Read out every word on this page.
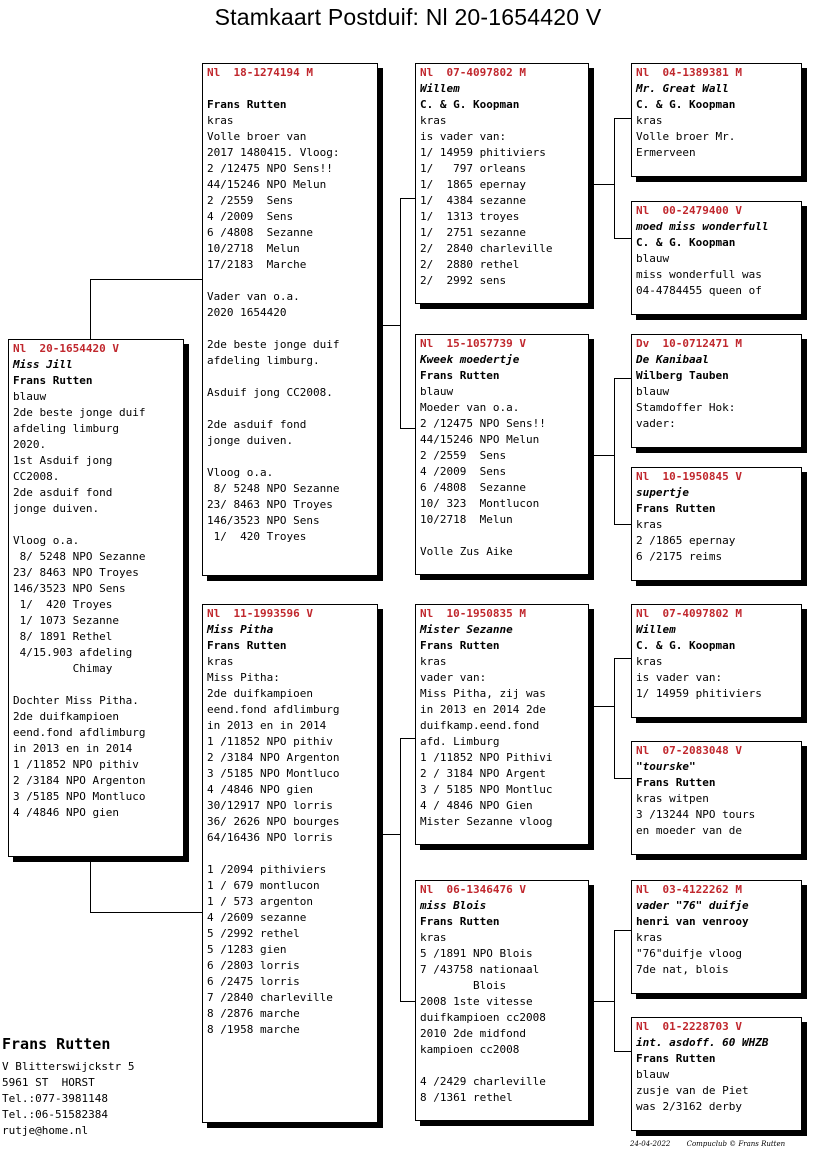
Stamkaart Postduif: Nl 20-1654420 V
Nl  20-1654420 V
Miss Jill
Frans Rutten
blauw
2de beste jonge duif
afdeling limburg
2020.
1st Asduif jong
CC2008.
2de asduif fond
jonge duiven.
Vloog o.a.
8/ 5248 NPO Sezanne
23/ 8463 NPO Troyes
146/3523 NPO Sens
1/  420 Troyes
1/ 1073 Sezanne
8/ 1891 Rethel
4/15.903 afdeling
Chimay
Dochter Miss Pitha.
2de duifkampioen
eend.fond afdlimburg
in 2013 en in 2014
1 /11852 NPO pithiv
2 /3184 NPO Argenton
3 /5185 NPO Montluco
4 /4846 NPO gien
Nl  18-1274194 M
Frans Rutten
kras
Volle broer van
2017 1480415. Vloog:
2 /12475 NPO Sens!!
44/15246 NPO Melun
2 /2559  Sens
4 /2009  Sens
6 /4808  Sezanne
10/2718  Melun
17/2183  Marche
Vader van o.a.
2020 1654420
2de beste jonge duif
afdeling limburg.
Asduif jong CC2008.
2de asduif fond
jonge duiven.
Vloog o.a.
8/ 5248 NPO Sezanne
23/ 8463 NPO Troyes
146/3523 NPO Sens
1/  420 Troyes
Nl  11-1993596 V
Miss Pitha
Frans Rutten
kras
Miss Pitha:
2de duifkampioen
eend.fond afdlimburg
in 2013 en in 2014
1 /11852 NPO pithiv
2 /3184 NPO Argenton
3 /5185 NPO Montluco
4 /4846 NPO gien
30/12917 NPO lorris
36/ 2626 NPO bourges
64/16436 NPO lorris
1 /2094 pithiviers
1 / 679 montlucon
1 / 573 argenton
4 /2609 sezanne
5 /2992 rethel
5 /1283 gien
6 /2803 lorris
6 /2475 lorris
7 /2840 charleville
8 /2876 marche
8 /1958 marche
Nl  07-4097802 M
Willem
C. & G. Koopman
kras
is vader van:
1/ 14959 phitiviers
1/   797 orleans
1/  1865 epernay
1/  4384 sezanne
1/  1313 troyes
1/  2751 sezanne
2/  2840 charleville
2/  2880 rethel
2/  2992 sens
Nl  15-1057739 V
Kweek moedertje
Frans Rutten
blauw
Moeder van o.a.
2 /12475 NPO Sens!!
44/15246 NPO Melun
2 /2559  Sens
4 /2009  Sens
6 /4808  Sezanne
10/ 323  Montlucon
10/2718  Melun
Volle Zus Aike
Nl  10-1950835 M
Mister Sezanne
Frans Rutten
kras
vader van:
Miss Pitha, zij was
in 2013 en 2014 2de
duifkamp.eend.fond
afd. Limburg
1 /11852 NPO Pithivi
2 / 3184 NPO Argent
3 / 5185 NPO Montluc
4 / 4846 NPO Gien
Mister Sezanne vloog
Nl  06-1346476 V
miss Blois
Frans Rutten
kras
5 /1891 NPO Blois
7 /43758 nationaal
Blois
2008 1ste vitesse
duifkampioen cc2008
2010 2de midfond
kampioen cc2008
4 /2429 charleville
8 /1361 rethel
Nl  04-1389381 M
Mr. Great Wall
C. & G. Koopman
kras
Volle broer Mr.
Ermerveen
Nl  00-2479400 V
moed miss wonderfull
C. & G. Koopman
blauw
miss wonderfull was
04-4784455 queen of
Dv  10-0712471 M
De Kanibaal
Wilberg Tauben
blauw
Stamdoffer Hok:
vader:
Nl  10-1950845 V
supertje
Frans Rutten
kras
2 /1865 epernay
6 /2175 reims
Nl  07-4097802 M
Willem
C. & G. Koopman
kras
is vader van:
1/ 14959 phitiviers
Nl  07-2083048 V
"tourske"
Frans Rutten
kras witpen
3 /13244 NPO tours
en moeder van de
Nl  03-4122262 M
vader "76" duifje
henri van venrooy
kras
"76"duifje vloog
7de nat, blois
Nl  01-2228703 V
int. asdoff. 60 WHZB
Frans Rutten
blauw
zusje van de Piet
was 2/3162 derby
Frans Rutten
V Blitterswijckstr 5
5961 ST  HORST
Tel.:077-3981148
Tel.:06-51582384
rutje@home.nl
24-04-2022 Compuclub © Frans Rutten
